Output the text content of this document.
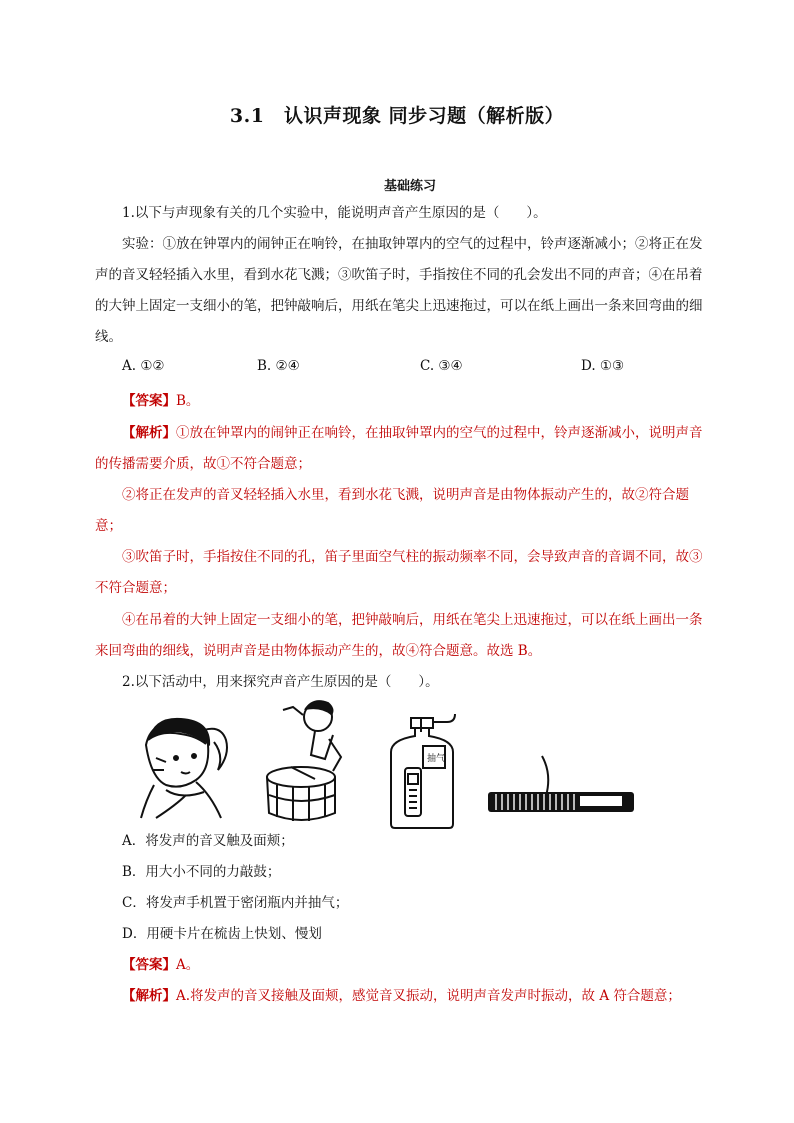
3.1　认识声现象 同步习题（解析版）
基础练习
1.以下与声现象有关的几个实验中，能说明声音产生原因的是（　　）。
实验：①放在钟罩内的闹钟正在响铃，在抽取钟罩内的空气的过程中，铃声逐渐减小；②将正在发声的音叉轻轻插入水里，看到水花飞溅；③吹笛子时，手指按住不同的孔会发出不同的声音；④在吊着的大钟上固定一支细小的笔，把钟敲响后，用纸在笔尖上迅速拖过，可以在纸上画出一条来回弯曲的细线。
A. ①②	B. ②④	C. ③④	D. ①③
【答案】B。
【解析】①放在钟罩内的闹钟正在响铃，在抽取钟罩内的空气的过程中，铃声逐渐减小，说明声音的传播需要介质，故①不符合题意；
②将正在发声的音叉轻轻插入水里，看到水花飞溅，说明声音是由物体振动产生的，故②符合题意；
③吹笛子时，手指按住不同的孔，笛子里面空气柱的振动频率不同，会导致声音的音调不同，故③不符合题意；
④在吊着的大钟上固定一支细小的笔，把钟敲响后，用纸在笔尖上迅速拖过，可以在纸上画出一条来回弯曲的细线，说明声音是由物体振动产生的，故④符合题意。故选 B。
2.以下活动中，用来探究声音产生原因的是（　　）。
抽气
A．将发声的音叉触及面颊；
B．用大小不同的力敲鼓；
C．将发声手机置于密闭瓶内并抽气；
D．用硬卡片在梳齿上快划、慢划
【答案】A。
【解析】A.将发声的音叉接触及面颊，感觉音叉振动，说明声音发声时振动，故 A 符合题意；
